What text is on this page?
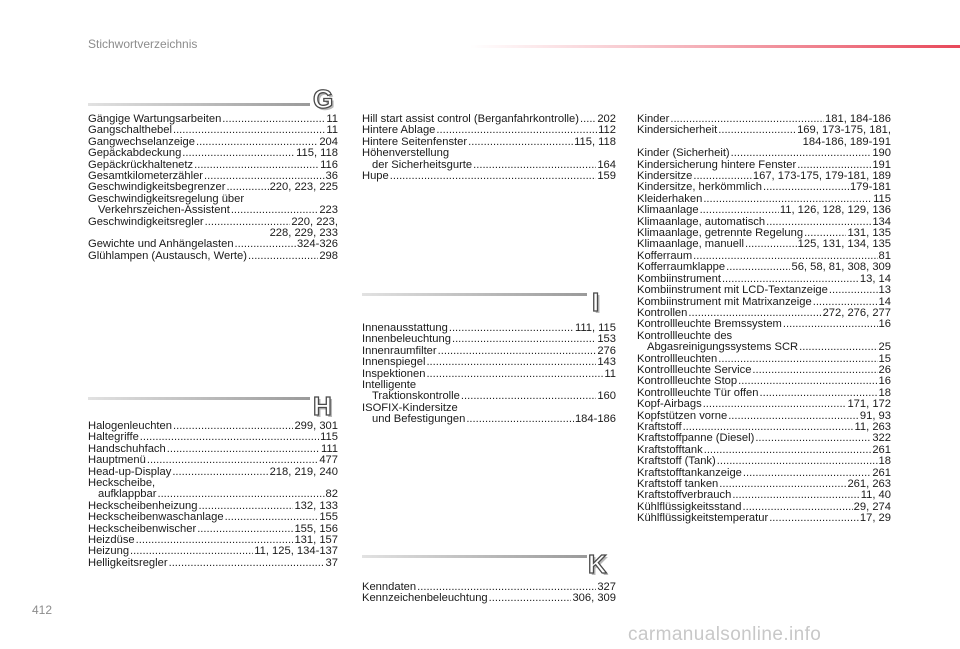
Stichwortverzeichnis
G
Gängige Wartungsarbeiten .....	11
Gangschalthebel .....	11
Gangwechselanzeige .....	204
Gepäckabdeckung .....	115, 118
Gepäckrückhaltenetz .....	116
Gesamtkilometerzähler .....	36
Geschwindigkeitsbegrenzer .....	220, 223, 225
Geschwindigkeitsregelung über
Verkehrszeichen-Assistent .....	223
Geschwindigkeitsregler .....	220, 223,
228, 229, 233
Gewichte und Anhängelasten .....	324-326
Glühlampen (Austausch, Werte) .....	298
H
Halogenleuchten .....	299, 301
Haltegriffe .....	115
Handschuhfach .....	111
Hauptmenü .....	477
Head-up-Display .....	218, 219, 240
Heckscheibe,
aufklappbar .....	82
Heckscheibenheizung .....	132, 133
Heckscheibenwaschanlage .....	155
Heckscheibenwischer .....	155, 156
Heizdüse .....	131, 157
Heizung .....	11, 125, 134-137
Helligkeitsregler .....	37
Hill start assist control (Berganfahrkontrolle) ..... 202
Hintere Ablage .....	112
Hintere Seitenfenster .....	115, 118
Höhenverstellung
der Sicherheitsgurte .....	164
Hupe .....	159
I
Innenausstattung .....	111, 115
Innenbeleuchtung .....	153
Innenraumfilter .....	276
Innenspiegel .....	143
Inspektionen .....	11
Intelligente
Traktionskontrolle .....	160
ISOFIX-Kindersitze
und Befestigungen .....	184-186
K
Kenndaten .....	327
Kennzeichenbeleuchtung .....	306, 309
Kinder .....	181, 184-186
Kindersicherheit .....	169, 173-175, 181,
184-186, 189-191
Kinder (Sicherheit) .....	190
Kindersicherung hintere Fenster .....	191
Kindersitze .....	167, 173-175, 179-181, 189
Kindersitze, herkömmlich .....	179-181
Kleiderhaken .....	115
Klimaanlage .....	11, 126, 128, 129, 136
Klimaanlage, automatisch .....	134
Klimaanlage, getrennte Regelung .....	131, 135
Klimaanlage, manuell .....	125, 131, 134, 135
Kofferraum .....	81
Kofferraumklappe .....	56, 58, 81, 308, 309
Kombiinstrument .....	13, 14
Kombiinstrument mit LCD-Textanzeige .....	13
Kombiinstrument mit Matrixanzeige .....	14
Kontrollen .....	272, 276, 277
Kontrollleuchte Bremssystem .....	16
Kontrollleuchte des
Abgasreinigungssystems SCR .....	25
Kontrollleuchten .....	15
Kontrollleuchte Service .....	26
Kontrollleuchte Stop .....	16
Kontrollleuchte Tür offen .....	18
Kopf-Airbags .....	171, 172
Kopfstützen vorne .....	91, 93
Kraftstoff .....	11, 263
Kraftstoffpanne (Diesel) .....	322
Kraftstofftank .....	261
Kraftstoff (Tank) .....	18
Kraftstofftankanzeige .....	261
Kraftstoff tanken .....	261, 263
Kraftstoffverbrauch .....	11, 40
Kühlflüssigkeitsstand .....	29, 274
Kühlflüssigkeitstemperatur .....	17, 29
412
carmanualsonline.info
